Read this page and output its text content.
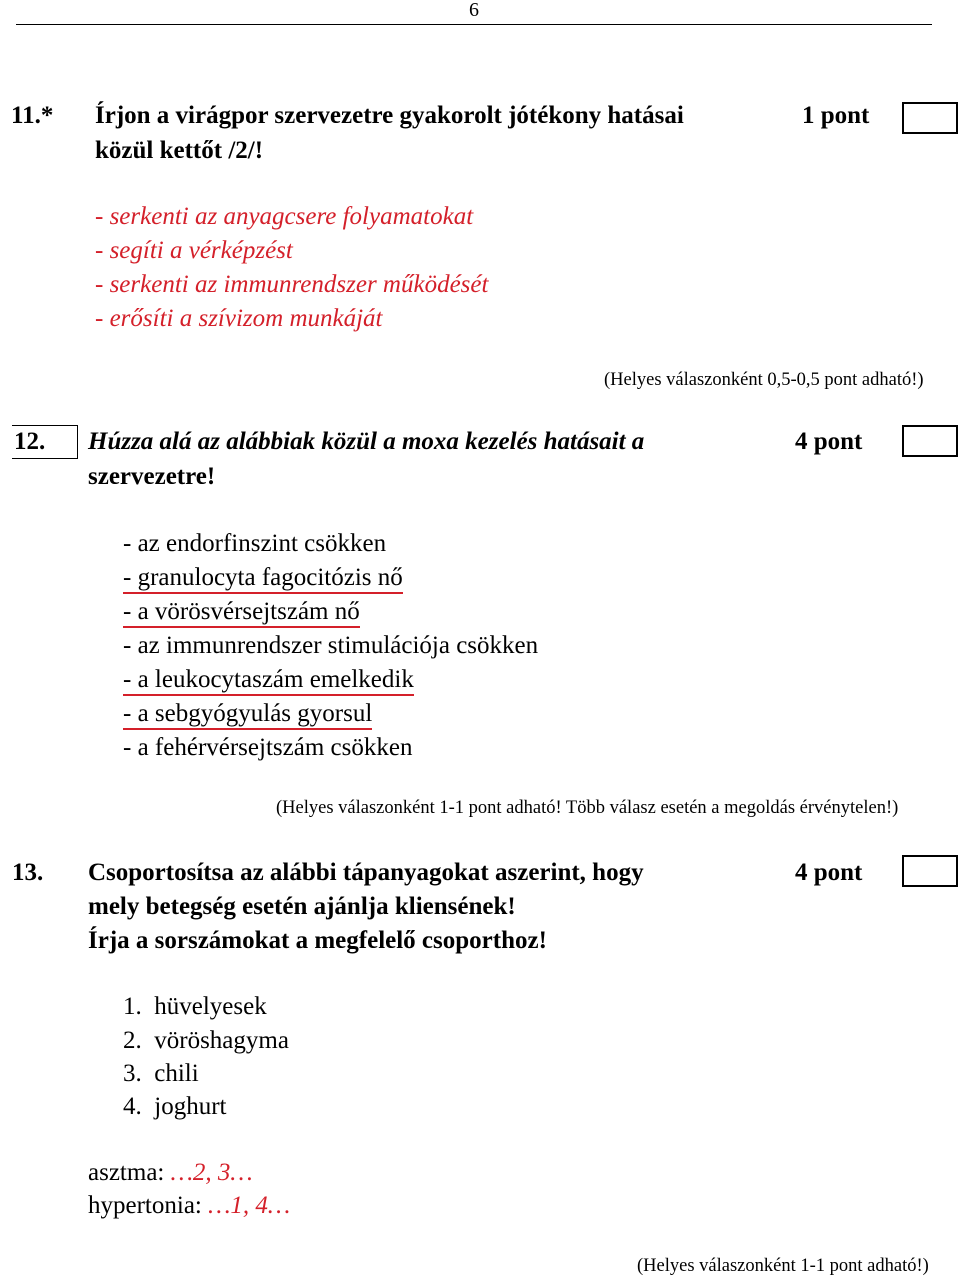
6
11.* Írjon a virágpor szervezetre gyakorolt jótékony hatásai
közül kettőt /2/!
1 pont
- serkenti az anyagcsere folyamatokat
- segíti a vérképzést
- serkenti az immunrendszer működését
- erősíti a szívizom munkáját
(Helyes válaszonként 0,5-0,5 pont adható!)
12. Húzza alá az alábbiak közül a moxa kezelés hatásait a
szervezetre!
4 pont
- az endorfinszint csökken
- granulocyta fagocitózis nő
- a vörösvérsejtszám nő
- az immunrendszer stimulációja csökken
- a leukocytaszám emelkedik
- a sebgyógyulás gyorsul
- a fehérvérsejtszám csökken
(Helyes válaszonként 1-1 pont adható! Több válasz esetén a megoldás érvénytelen!)
13. Csoportosítsa az alábbi tápanyagokat aszerint, hogy
mely betegség esetén ajánlja kliensének!
Írja a sorszámokat a megfelelő csoporthoz!
4 pont
1.  hüvelyesek
2.  vöröshagyma
3.  chili
4.  joghurt
asztma: …2, 3…
hypertonia: …1, 4…
(Helyes válaszonként 1-1 pont adható!)
